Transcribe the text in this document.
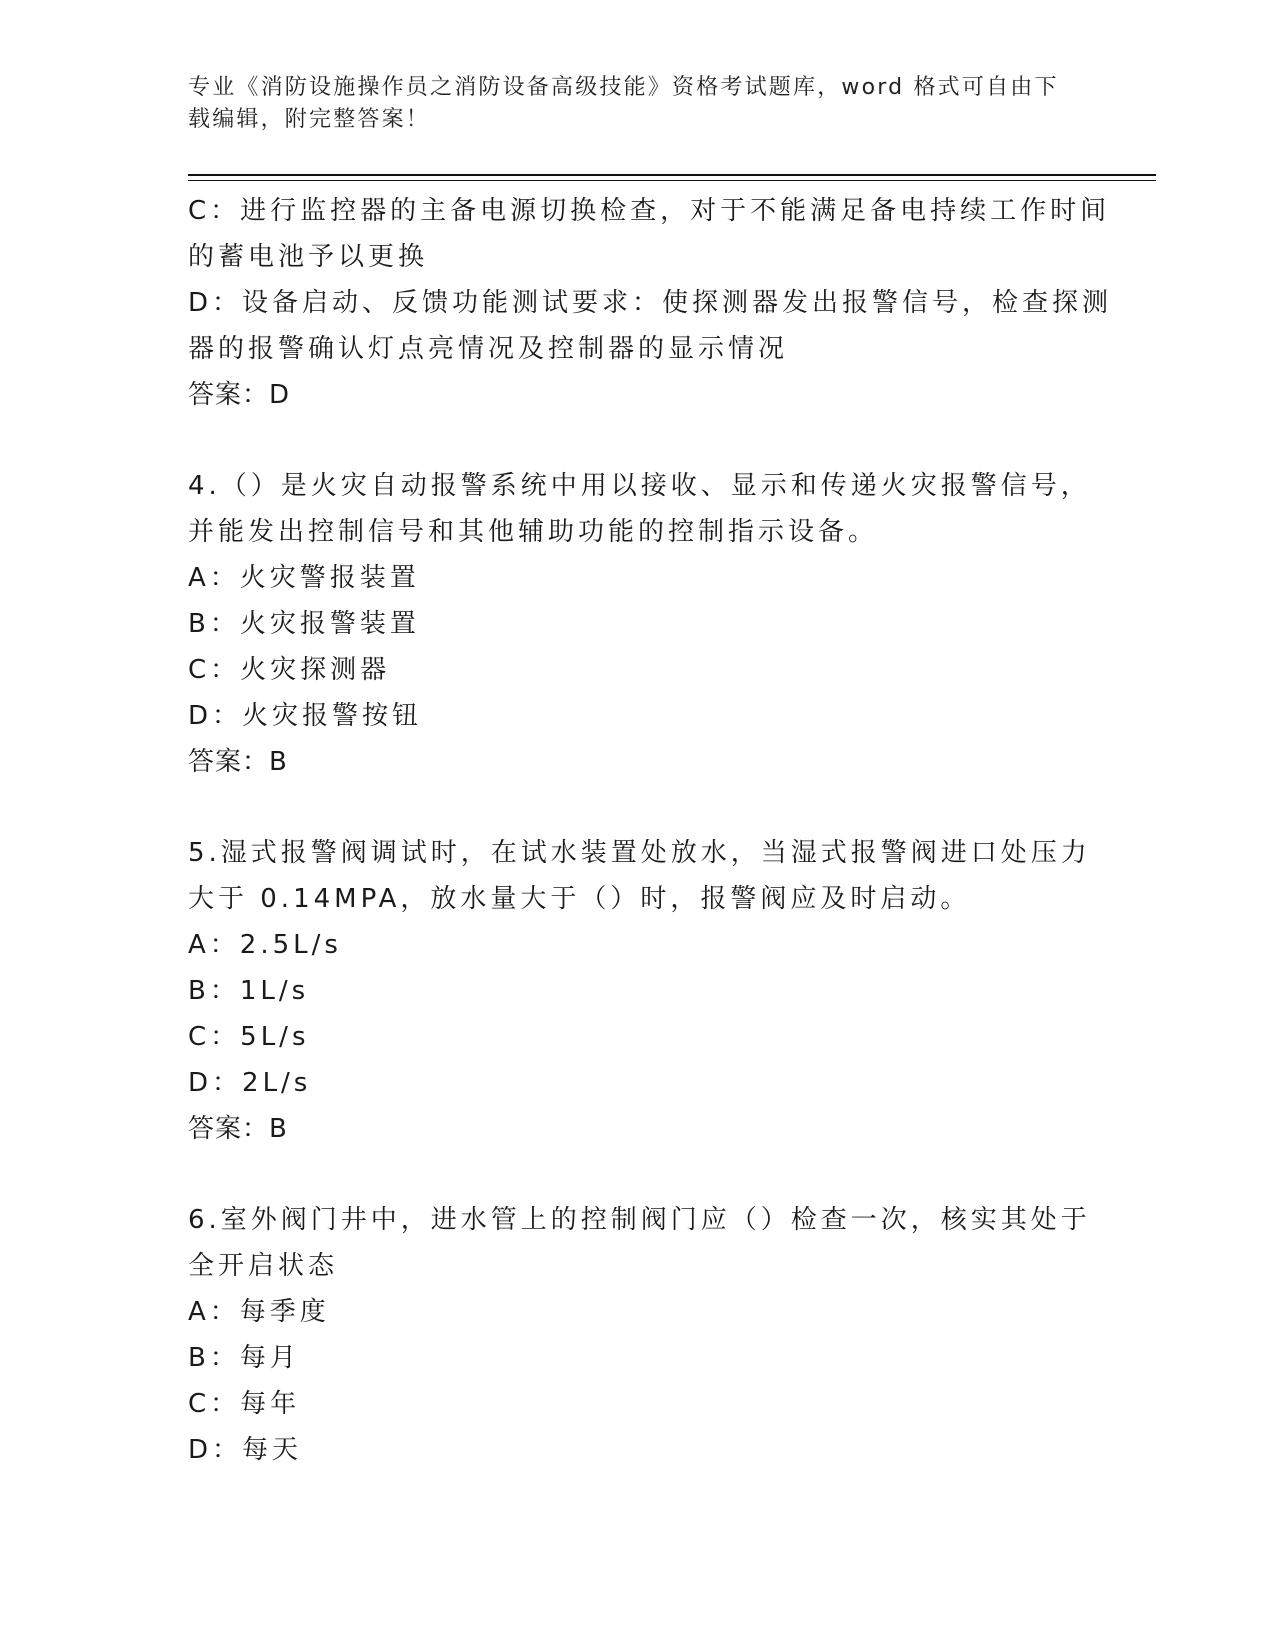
专业《消防设施操作员之消防设备高级技能》资格考试题库，word 格式可自由下
载编辑，附完整答案！
C：进行监控器的主备电源切换检查，对于不能满足备电持续工作时间
的蓄电池予以更换
D：设备启动、反馈功能测试要求：使探测器发出报警信号，检查探测
器的报警确认灯点亮情况及控制器的显示情况
答案：D
4.（）是火灾自动报警系统中用以接收、显示和传递火灾报警信号，
并能发出控制信号和其他辅助功能的控制指示设备。
A：火灾警报装置
B：火灾报警装置
C：火灾探测器
D：火灾报警按钮
答案：B
5.湿式报警阀调试时，在试水装置处放水，当湿式报警阀进口处压力
大于 0.14MPA，放水量大于（）时，报警阀应及时启动。
A：2.5L/s
B：1L/s
C：5L/s
D：2L/s
答案：B
6.室外阀门井中，进水管上的控制阀门应（）检查一次，核实其处于
全开启状态
A：每季度
B：每月
C：每年
D：每天
